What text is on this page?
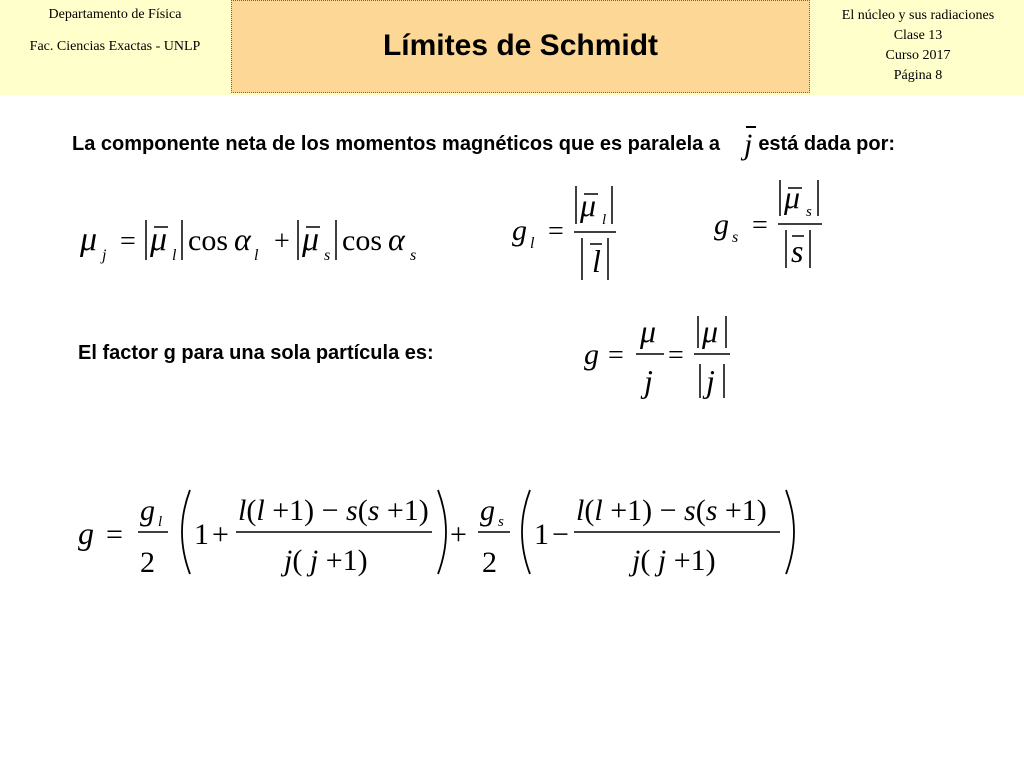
Departamento de Física
Fac. Ciencias Exactas - UNLP	Límites de Schmidt
El núcleo y sus radiaciones
Clase 13
Curso 2017
Página 8
La componente neta de los momentos magnéticos que es paralela a j está dada por:
μ j = μ l cos α l + μ s cos α s
g l =
μ l
l
g s =
μ s
s
El factor g para una sola partícula es:	g =
μ
j
=
μ
j
g =
g l
2
1 +
l(l +1) − s(s +1)
j( j +1)
+
g s
2
1 −
l(l +1) − s(s +1)
j( j +1)
